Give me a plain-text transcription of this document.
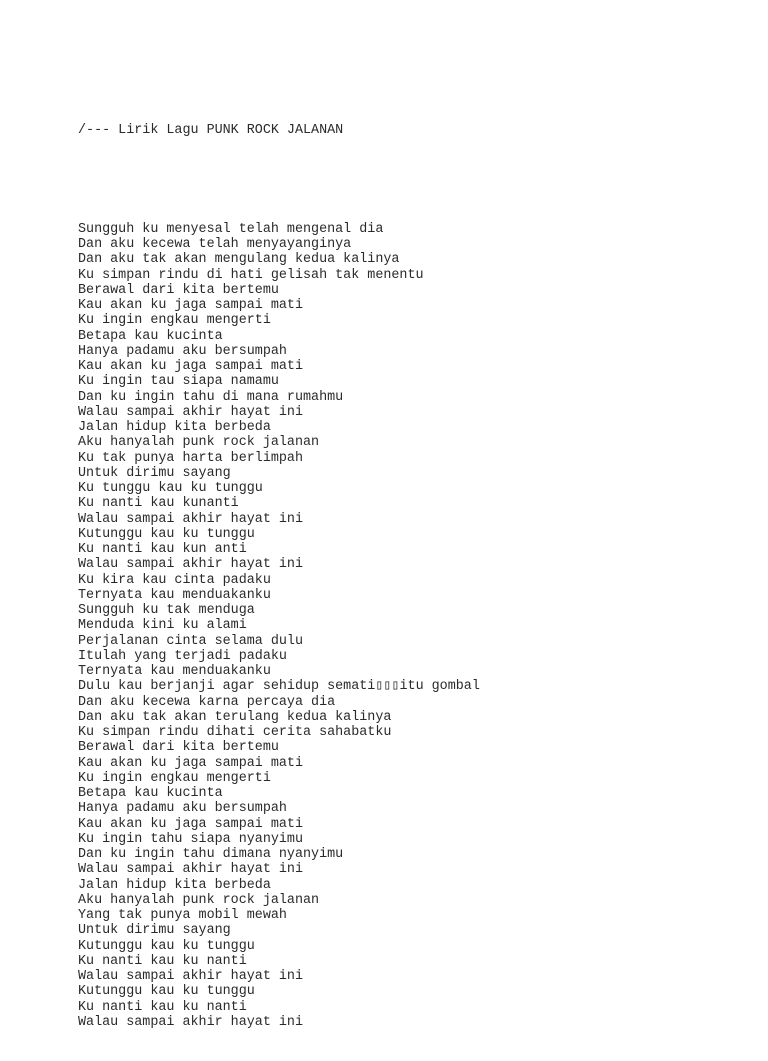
/--- Lirik Lagu PUNK ROCK JALANAN

Sungguh ku menyesal telah mengenal dia
Dan aku kecewa telah menyayanginya
Dan aku tak akan mengulang kedua kalinya
Ku simpan rindu di hati gelisah tak menentu
Berawal dari kita bertemu
Kau akan ku jaga sampai mati
Ku ingin engkau mengerti
Betapa kau kucinta
Hanya padamu aku bersumpah
Kau akan ku jaga sampai mati
Ku ingin tau siapa namamu
Dan ku ingin tahu di mana rumahmu
Walau sampai akhir hayat ini
Jalan hidup kita berbeda
Aku hanyalah punk rock jalanan
Ku tak punya harta berlimpah
Untuk dirimu sayang
Ku tunggu kau ku tunggu
Ku nanti kau kunanti
Walau sampai akhir hayat ini
Kutunggu kau ku tunggu
Ku nanti kau kun anti
Walau sampai akhir hayat ini
Ku kira kau cinta padaku
Ternyata kau menduakanku
Sungguh ku tak menduga
Menduda kini ku alami
Perjalanan cinta selama dulu
Itulah yang terjadi padaku
Ternyata kau menduakanku
Dulu kau berjanji agar sehidup semati▯▯▯itu gombal
Dan aku kecewa karna percaya dia
Dan aku tak akan terulang kedua kalinya
Ku simpan rindu dihati cerita sahabatku
Berawal dari kita bertemu
Kau akan ku jaga sampai mati
Ku ingin engkau mengerti
Betapa kau kucinta
Hanya padamu aku bersumpah
Kau akan ku jaga sampai mati
Ku ingin tahu siapa nyanyimu
Dan ku ingin tahu dimana nyanyimu
Walau sampai akhir hayat ini
Jalan hidup kita berbeda
Aku hanyalah punk rock jalanan
Yang tak punya mobil mewah
Untuk dirimu sayang
Kutunggu kau ku tunggu
Ku nanti kau ku nanti
Walau sampai akhir hayat ini
Kutunggu kau ku tunggu
Ku nanti kau ku nanti
Walau sampai akhir hayat ini
